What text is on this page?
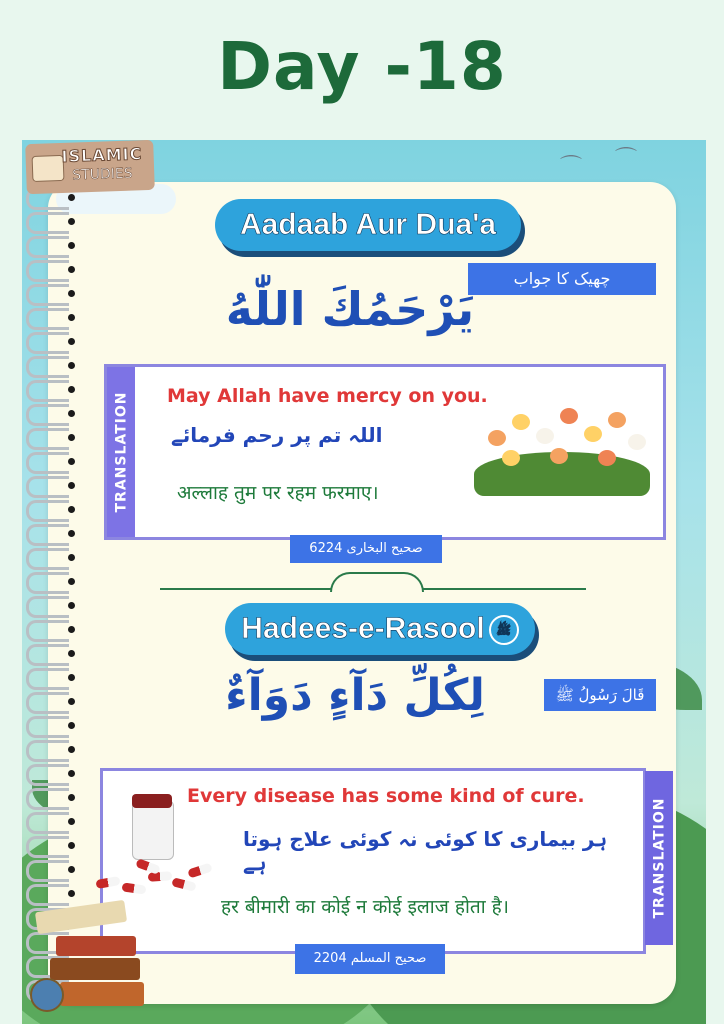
Day -18
⌒ ⌒
ISLAMIC
STUDIES
Aadaab Aur Dua'a
چھیک کا جواب
يَرْحَمُكَ اللّٰهُ
TRANSLATION May Allah have mercy on you.
اللہ تم پر رحم فرمائے
अल्लाह तुम पर रहम फरमाए।
صحیح البخاری 6224
Hadees-e-Rasool ﷺ
قَالَ رَسُولُ ﷺ
لِكُلِّ دَآءٍ دَوَآءٌ
TRANSLATION
Every disease has some kind of cure.
ہر بیماری کا کوئی نہ کوئی علاج ہوتا ہے
हर बीमारी का कोई न कोई इलाज होता है।
صحیح المسلم 2204
